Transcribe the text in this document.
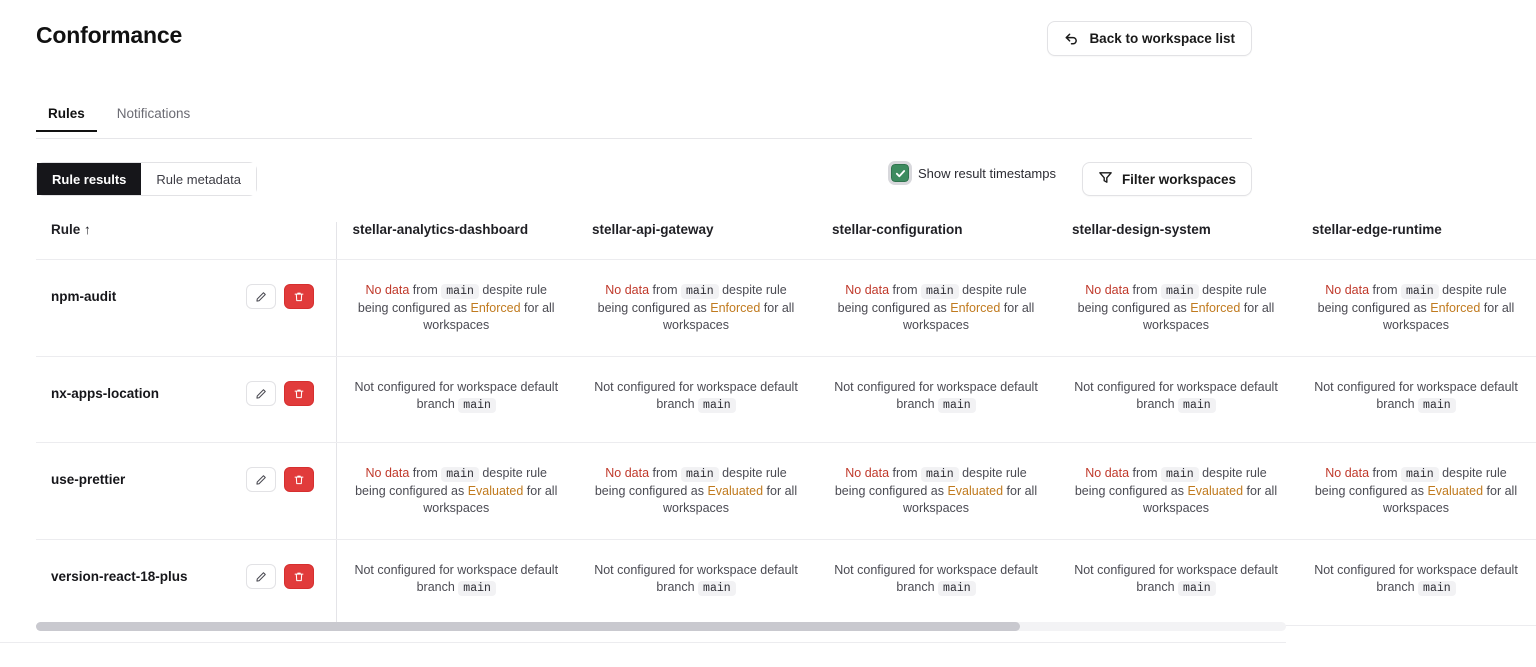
Conformance	Back to workspace list
Rules	Notifications
Rule results	Rule metadata	Show result timestamps	Filter workspaces
Rule ↑	stellar-analytics-dashboard	stellar-api-gateway	stellar-configuration	stellar-design-system	stellar-edge-runtime

npm-audit	No data from main despite rule being configured as Enforced for all workspaces	No data from main despite rule being configured as Enforced for all workspaces	No data from main despite rule being configured as Enforced for all workspaces	No data from main despite rule being configured as Enforced for all workspaces	No data from main despite rule being configured as Enforced for all workspaces

nx-apps-location	Not configured for workspace default branch main	Not configured for workspace default branch main	Not configured for workspace default branch main	Not configured for workspace default branch main	Not configured for workspace default branch main

use-prettier	No data from main despite rule being configured as Evaluated for all workspaces	No data from main despite rule being configured as Evaluated for all workspaces	No data from main despite rule being configured as Evaluated for all workspaces	No data from main despite rule being configured as Evaluated for all workspaces	No data from main despite rule being configured as Evaluated for all workspaces

version-react-18-plus	Not configured for workspace default branch main	Not configured for workspace default branch main	Not configured for workspace default branch main	Not configured for workspace default branch main	Not configured for workspace default branch main
